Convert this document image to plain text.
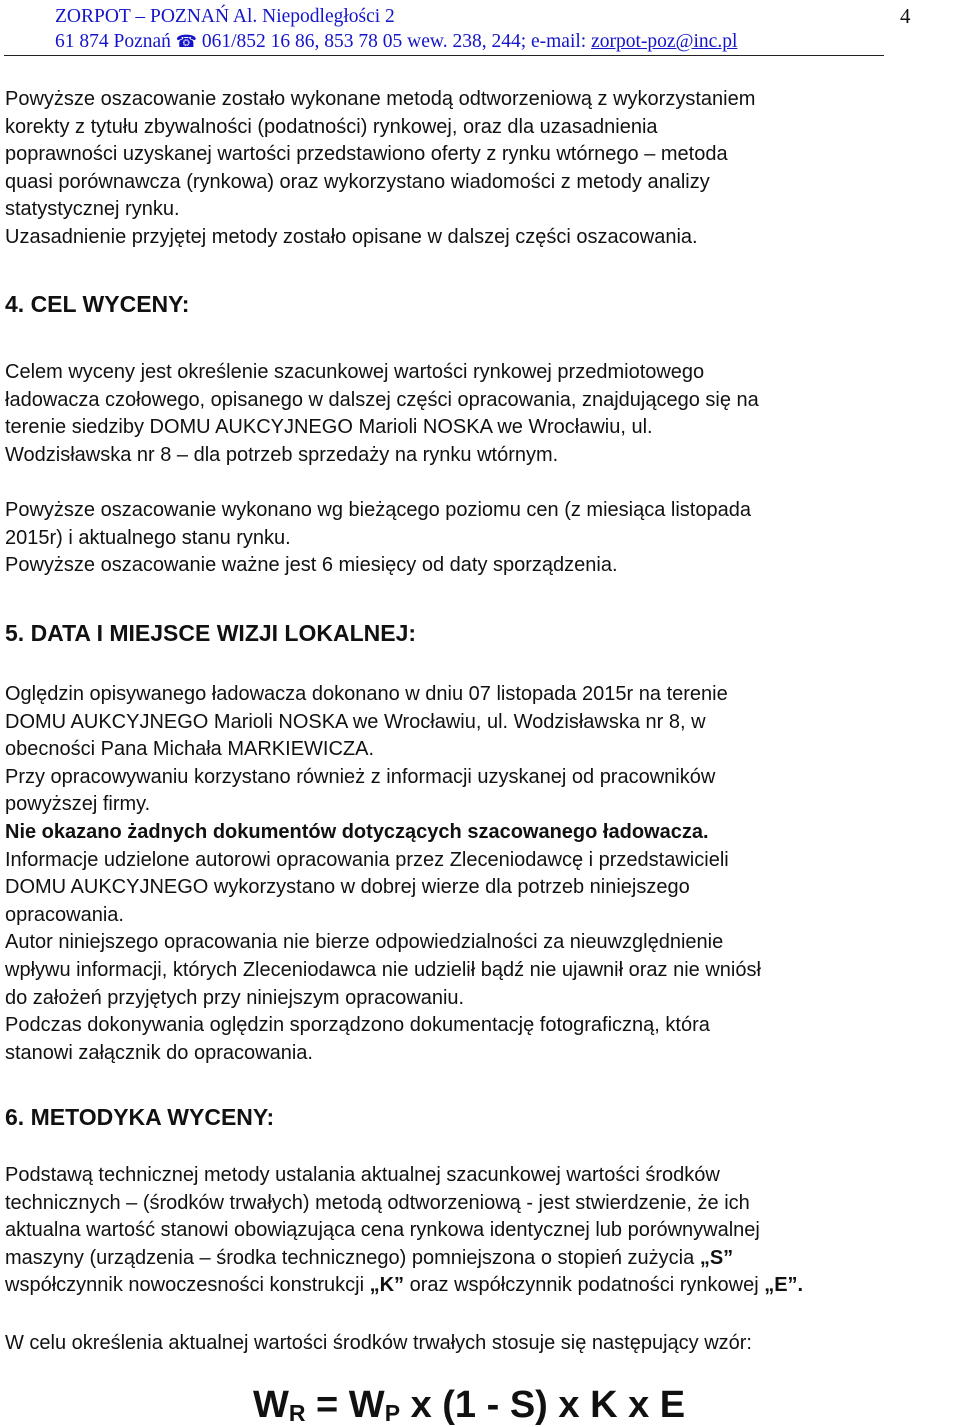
ZORPOT – POZNAŃ Al. Niepodległości 2
61 874 Poznań ☎ 061/852 16 86, 853 78 05 wew. 238, 244; e-mail: zorpot-poz@inc.pl
4
Powyższe oszacowanie zostało wykonane metodą odtworzeniową z wykorzystaniem
korekty z tytułu zbywalności (podatności) rynkowej, oraz dla uzasadnienia
poprawności uzyskanej wartości przedstawiono oferty z rynku wtórnego – metoda
quasi porównawcza (rynkowa) oraz wykorzystano wiadomości z metody analizy
statystycznej rynku.
Uzasadnienie przyjętej metody zostało opisane w dalszej części oszacowania.
4. CEL WYCENY:
Celem wyceny jest określenie szacunkowej wartości rynkowej przedmiotowego
ładowacza czołowego, opisanego w dalszej części opracowania, znajdującego się na
terenie siedziby DOMU AUKCYJNEGO Marioli NOSKA we Wrocławiu, ul.
Wodzisławska nr 8 – dla potrzeb sprzedaży na rynku wtórnym.
Powyższe oszacowanie wykonano wg bieżącego poziomu cen (z miesiąca listopada
2015r) i aktualnego stanu rynku.
Powyższe oszacowanie ważne jest 6 miesięcy od daty sporządzenia.
5. DATA I MIEJSCE WIZJI LOKALNEJ:
Oględzin opisywanego ładowacza dokonano w dniu 07 listopada 2015r na terenie
DOMU AUKCYJNEGO Marioli NOSKA we Wrocławiu, ul. Wodzisławska nr 8, w
obecności Pana Michała MARKIEWICZA.
Przy opracowywaniu korzystano również z informacji uzyskanej od pracowników
powyższej firmy.
Nie okazano żadnych dokumentów dotyczących szacowanego ładowacza.
Informacje udzielone autorowi opracowania przez Zleceniodawcę i przedstawicieli
DOMU AUKCYJNEGO wykorzystano w dobrej wierze dla potrzeb niniejszego
opracowania.
Autor niniejszego opracowania nie bierze odpowiedzialności za nieuwzględnienie
wpływu informacji, których Zleceniodawca nie udzielił bądź nie ujawnił oraz nie wniósł
do założeń przyjętych przy niniejszym opracowaniu.
Podczas dokonywania oględzin sporządzono dokumentację fotograficzną, która
stanowi załącznik do opracowania.
6. METODYKA WYCENY:
Podstawą technicznej metody ustalania aktualnej szacunkowej wartości środków
technicznych – (środków trwałych) metodą odtworzeniową - jest stwierdzenie, że ich
aktualna wartość stanowi obowiązująca cena rynkowa identycznej lub porównywalnej
maszyny (urządzenia – środka technicznego) pomniejszona o stopień zużycia „S”
współczynnik nowoczesności konstrukcji „K” oraz współczynnik podatności rynkowej „E”.
W celu określenia aktualnej wartości środków trwałych stosuje się następujący wzór:
$W_R = W_P$ x (1 - S) x K x E
